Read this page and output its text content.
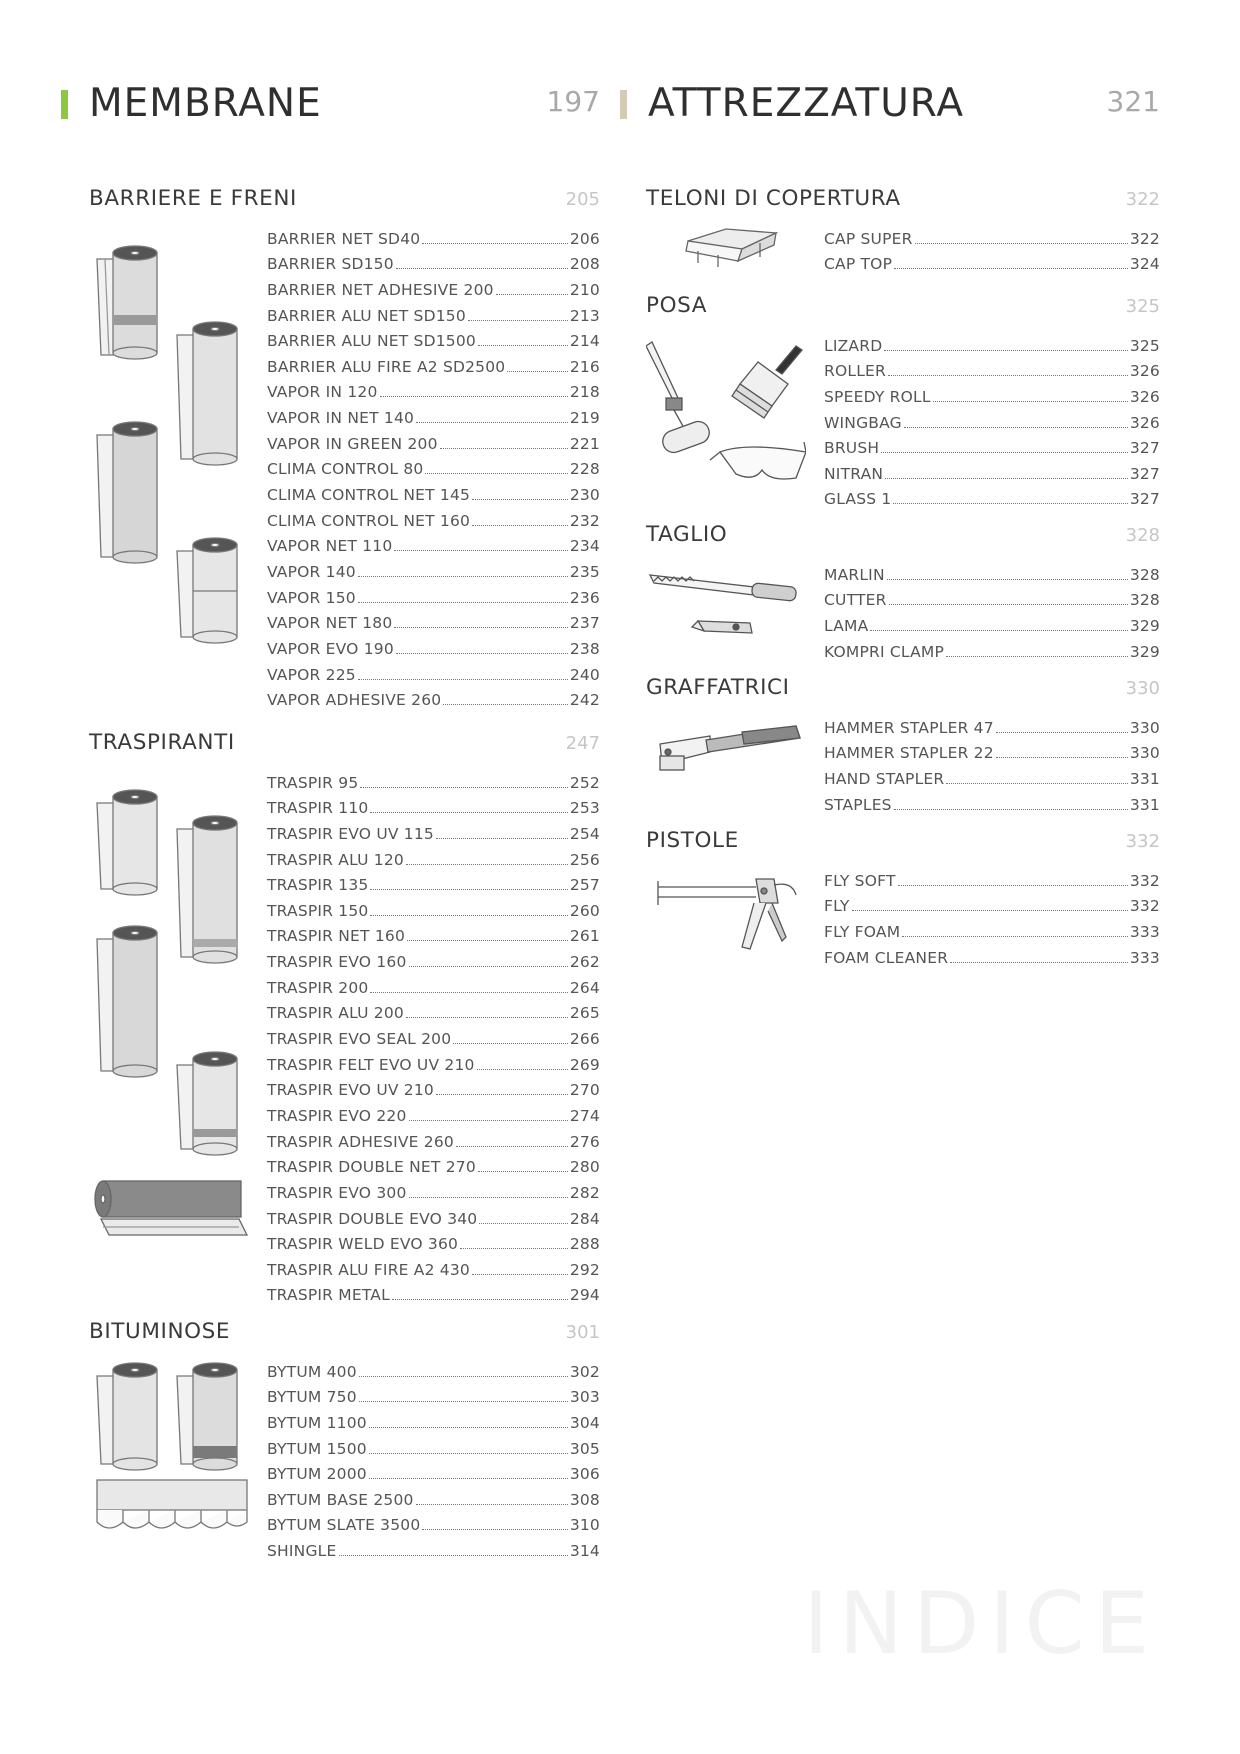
MEMBRANE	197
BARRIERE E FRENI	205
BARRIER NET SD40	206
BARRIER SD150	208
BARRIER NET ADHESIVE 200	210
BARRIER ALU NET SD150	213
BARRIER ALU NET SD1500	214
BARRIER ALU FIRE A2 SD2500	216
VAPOR IN 120	218
VAPOR IN NET 140	219
VAPOR IN GREEN 200	221
CLIMA CONTROL 80	228
CLIMA CONTROL NET 145	230
CLIMA CONTROL NET 160	232
VAPOR NET 110	234
VAPOR 140	235
VAPOR 150	236
VAPOR NET 180	237
VAPOR EVO 190	238
VAPOR 225	240
VAPOR ADHESIVE 260	242
TRASPIRANTI	247
TRASPIR 95	252
TRASPIR 110	253
TRASPIR EVO UV 115	254
TRASPIR ALU 120	256
TRASPIR 135	257
TRASPIR 150	260
TRASPIR NET 160	261
TRASPIR EVO 160	262
TRASPIR 200	264
TRASPIR ALU 200	265
TRASPIR EVO SEAL 200	266
TRASPIR FELT EVO UV 210	269
TRASPIR EVO UV 210	270
TRASPIR EVO 220	274
TRASPIR ADHESIVE 260	276
TRASPIR DOUBLE NET 270	280
TRASPIR EVO 300	282
TRASPIR DOUBLE EVO 340	284
TRASPIR WELD EVO 360	288
TRASPIR ALU FIRE A2 430	292
TRASPIR METAL	294
BITUMINOSE	301
BYTUM 400	302
BYTUM 750	303
BYTUM 1100	304
BYTUM 1500	305
BYTUM 2000	306
BYTUM BASE 2500	308
BYTUM SLATE 3500	310
SHINGLE	314
ATTREZZATURA	321
TELONI DI COPERTURA	322
CAP SUPER	322
CAP TOP	324
POSA	325
LIZARD	325
ROLLER	326
SPEEDY ROLL	326
WINGBAG	326
BRUSH	327
NITRAN	327
GLASS 1	327
TAGLIO	328
MARLIN	328
CUTTER	328
LAMA	329
KOMPRI CLAMP	329
GRAFFATRICI	330
HAMMER STAPLER 47	330
HAMMER STAPLER 22	330
HAND STAPLER	331
STAPLES	331
PISTOLE	332
FLY SOFT	332
FLY	332
FLY FOAM	333
FOAM CLEANER	333
INDICE
